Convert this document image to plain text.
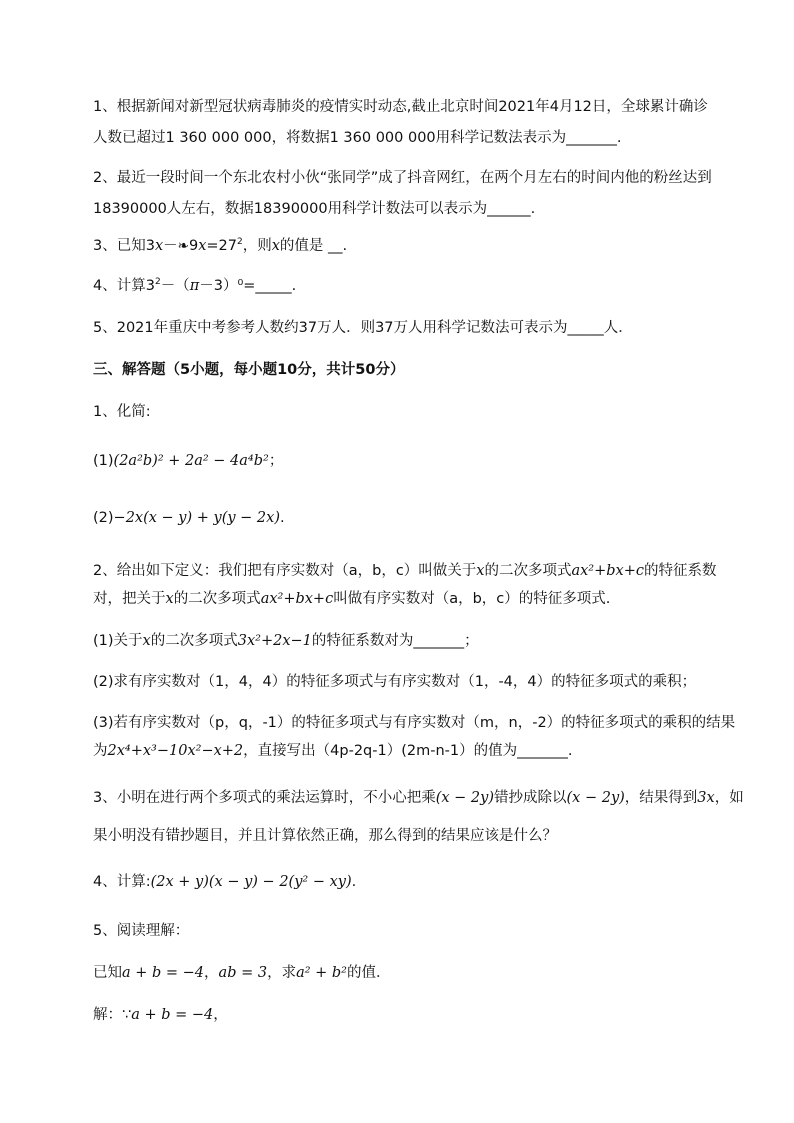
1、根据新闻对新型冠状病毒肺炎的疫情实时动态,截止北京时间2021年4月12日，全球累计确诊
人数已超过1 360 000 000，将数据1 360 000 000用科学记数法表示为_______.
2、最近一段时间一个东北农村小伙“张同学”成了抖音网红，在两个月左右的时间内他的粉丝达到
18390000人左右，数据18390000用科学计数法可以表示为______.
3、已知$3x-❧9x=27^2$，则x的值是 __.
4、计算$3^2-(\pi-3)^0=\_\_\_\_\_$.
5、2021年重庆中考参考人数约37万人．则37万人用科学记数法可表示为_____人．
三、解答题（5小题，每小题10分，共计50分）
1、化简:
(1)(2a²b)² + 2a² − 4a⁴b²；
(2)−2x(x − y) + y(y − 2x).
2、给出如下定义：我们把有序实数对（a，b，c）叫做关于x的二次多项式ax²+bx+c的特征系数
对，把关于x的二次多项式ax²+bx+c叫做有序实数对（a，b，c）的特征多项式.
(1)关于x的二次多项式3x²+2x−1的特征系数对为_______；
(2)求有序实数对（1，4，4）的特征多项式与有序实数对（1，-4，4）的特征多项式的乘积；
(3)若有序实数对（p，q，-1）的特征多项式与有序实数对（m，n，-2）的特征多项式的乘积的结果
为2x⁴+x³−10x²−x+2，直接写出（4p-2q-1）(2m-n-1）的值为_______.
3、小明在进行两个多项式的乘法运算时，不小心把乘(x − 2y)错抄成除以(x − 2y)，结果得到3x，如
果小明没有错抄题目，并且计算依然正确，那么得到的结果应该是什么？
4、计算:(2x + y)(x − y) − 2(y² − xy).
5、阅读理解：
已知a + b = −4，ab = 3，求a² + b²的值．
解：∵a + b = −4，
